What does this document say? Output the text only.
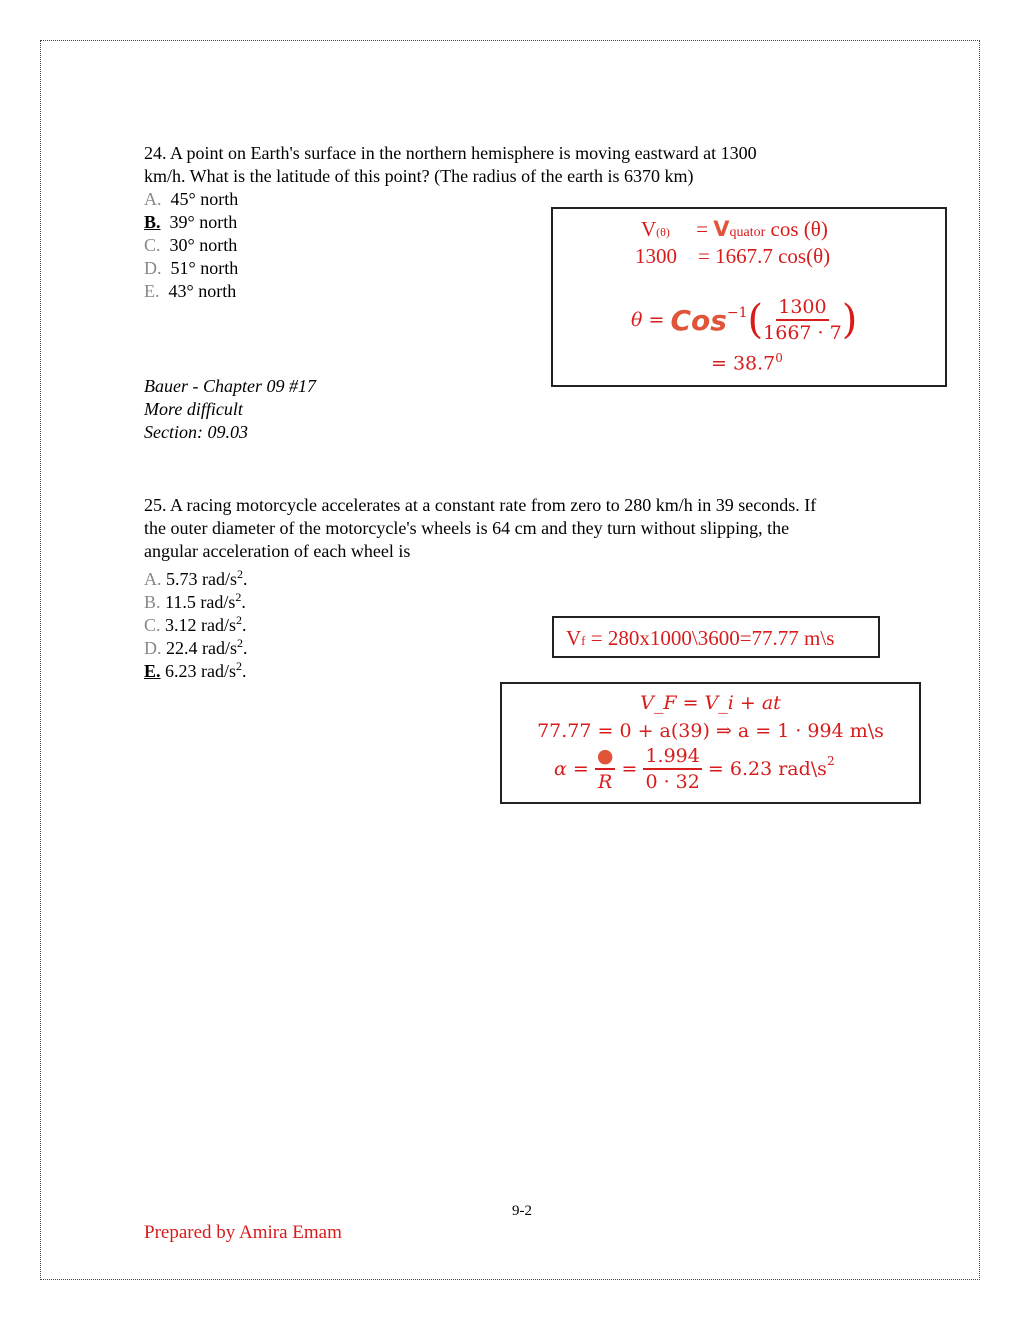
24. A point on Earth's surface in the northern hemisphere is moving eastward at 1300
km/h. What is the latitude of this point? (The radius of the earth is 6370 km)
A. 45° north
B. 39° north
C. 30° north
D. 51° north
E. 43° north
Bauer - Chapter 09 #17
More difficult
Section: 09.03
V(θ) = Vquator cos (θ)
1300 = 1667.7 cos(θ)
θ =
Cos −1 ( $\frac{1300}{1667 \cdot 7}$ )
= $38.7^0$
25. A racing motorcycle accelerates at a constant rate from zero to 280 km/h in 39 seconds. If
the outer diameter of the motorcycle's wheels is 64 cm and they turn without slipping, the
angular acceleration of each wheel is
A. 5.73 rad/$s^2$.
B. 11.5 rad/$s^2$.
C. 3.12 rad/$s^2$.
D. 22.4 rad/$s^2$.
E. 6.23 rad/$s^2$.
Vf = 280x1000\3600=77.77 m\s
V_F = V_i + at
77.77 = 0 + a(39) ⇒ a = 1 · 994 m\s
α =
$\frac{●}{R}$
=
$\frac{1.994}{0 \cdot 32}$
= 6.23 $rad\backslash s^2$
9-2
Prepared by Amira Emam
